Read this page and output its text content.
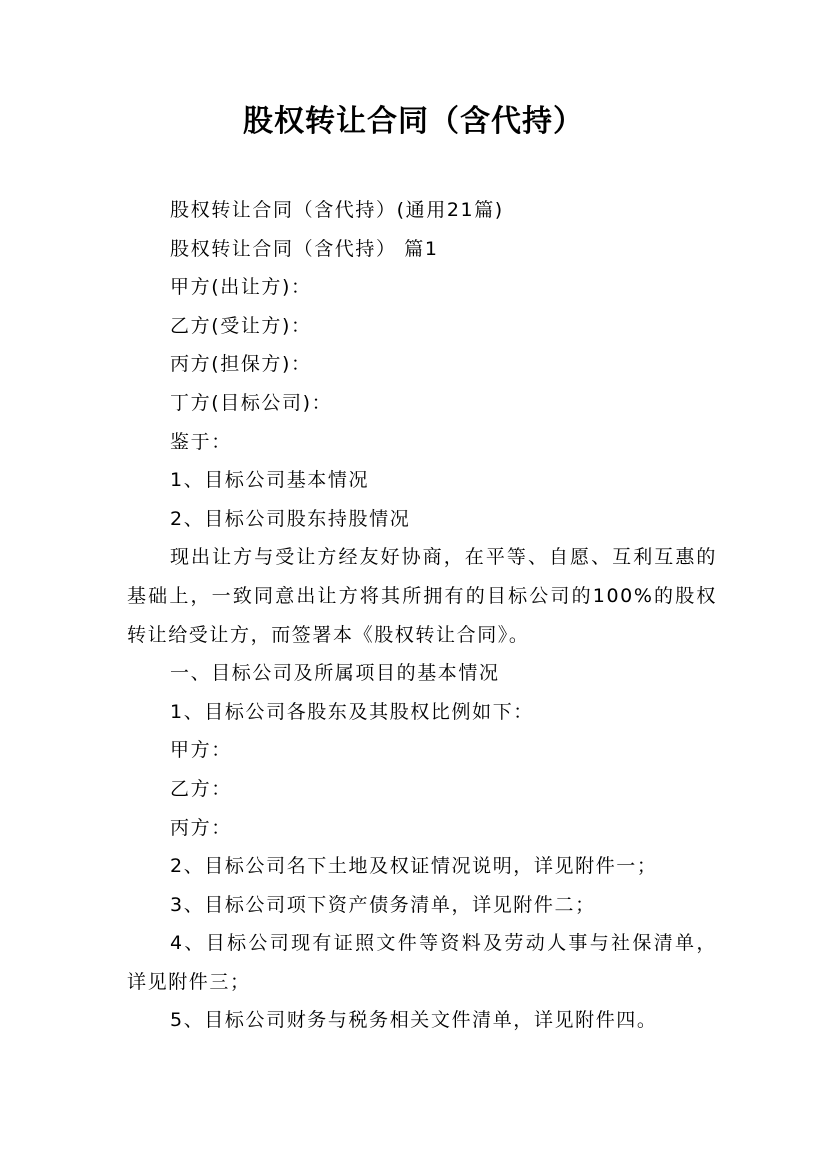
股权转让合同（含代持）

股权转让合同（含代持）(通用21篇)

股权转让合同（含代持） 篇1

甲方(出让方)：

乙方(受让方)：

丙方(担保方)：

丁方(目标公司)：

鉴于：

1、目标公司基本情况

2、目标公司股东持股情况

现出让方与受让方经友好协商，在平等、自愿、互利互惠的基础上，一致同意出让方将其所拥有的目标公司的100%的股权转让给受让方，而签署本《股权转让合同》。

一、目标公司及所属项目的基本情况

1、目标公司各股东及其股权比例如下：

甲方：

乙方：

丙方：

2、目标公司名下土地及权证情况说明，详见附件一；

3、目标公司项下资产债务清单，详见附件二；

4、目标公司现有证照文件等资料及劳动人事与社保清单，详见附件三；

5、目标公司财务与税务相关文件清单，详见附件四。
